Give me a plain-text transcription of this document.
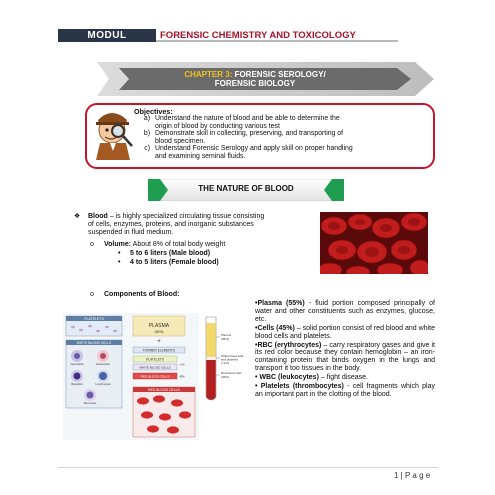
MODUL	FORENSIC CHEMISTRY AND TOXICOLOGY
CHAPTER 3: FORENSIC SEROLOGY/
FORENSIC BIOLOGY
Objectives:
a) Understand the nature of blood and be able to determine the
origin of blood by conducting various test
b) Demonstrate skill in collecting, preserving, and transporting of
blood specimen.
c) Understand Forensic Serology and apply skill on proper handling
and examining seminal fluids.
THE NATURE OF BLOOD
❖ Blood – is highly specialized circulating tissue consisting
of cells, enzymes, proteins, and inorganic substances
suspended in fluid medium.
o Volume: About 8% of total body weight
• 5 to 6 liters (Male blood)
• 4 to 5 liters (Female blood)
o Components of Blood:
PLATELETS
PLASMA
(55%)
+
WHITE BLOOD CELLS
Neutrophils	Eosinophils
Basophils	Lymphocytes
Monocytes
FORMED ELEMENTS
PLATELETS
WHITE BLOOD CELLS
<1%
RED BLOOD CELLS	45%
RED BLOOD CELLS
Plasma
(55%)
White blood cells
and platelets
(<1%)
Red blood cells
(45%)

•Plasma (55%) - fluid portion composed principally of water and other constituents such as enzymes, glucose, etc.

•Cells (45%) – solid portion consist of red blood and white blood cells and platelets.

•RBC (erythrocytes) – carry respiratory gases and give it its red color because they contain hemoglobin – an iron-containing protein that binds oxygen in the lungs and transport it too tissues in the body.

• WBC (leukocytes) – fight disease.

• Platelets (thrombocytes) - cell fragments which play an important part in the clotting of the blood.

1 | P a g e
